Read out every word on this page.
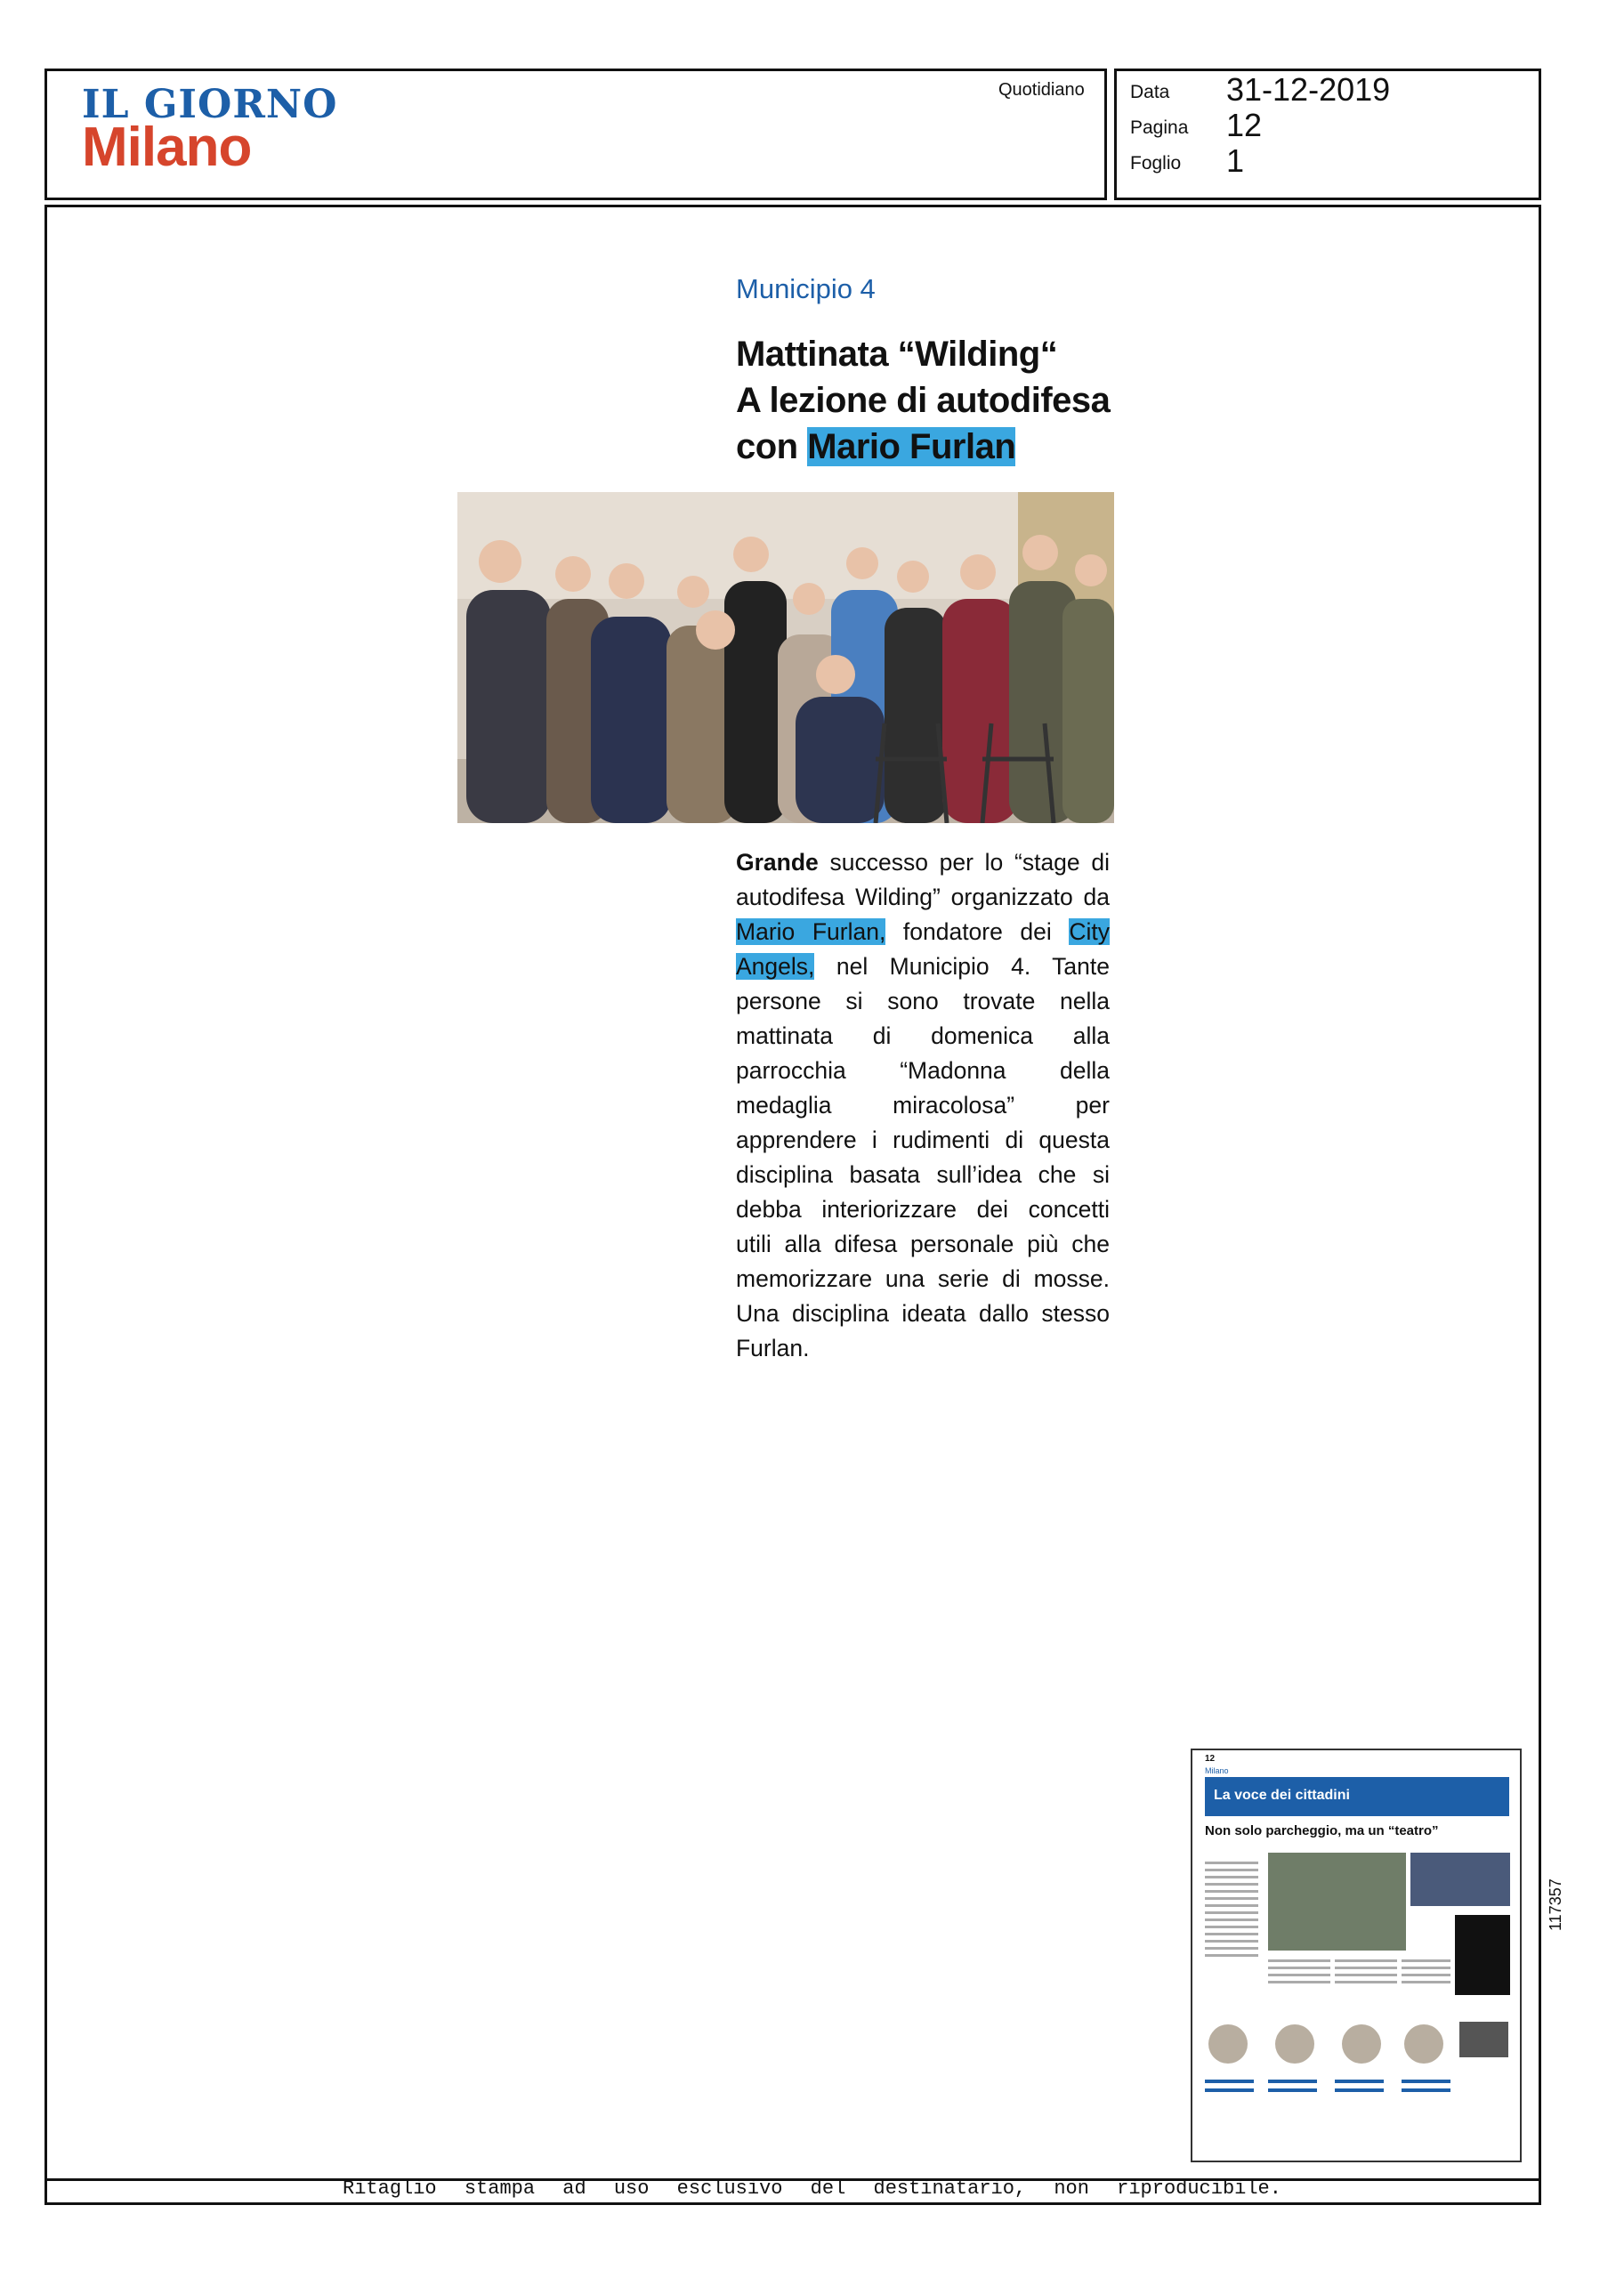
IL GIORNO
Milano
Quotidiano Data
Pagina
Foglio
31-12-2019
12
1
Municipio 4
Mattinata “Wilding“
A lezione di autodifesa
con Mario Furlan
Grande successo per lo “stage di autodifesa Wilding” organizzato da Mario Furlan, fondatore dei City Angels, nel Municipio 4. Tante persone si sono trovate nella mattinata di domenica alla parrocchia “Madonna della medaglia miracolosa” per apprendere i rudimenti di questa disciplina basata sull’idea che si debba interiorizzare dei concetti utili alla difesa personale più che memorizzare una serie di mosse. Una disciplina ideata dallo stesso Furlan.
12
Milano
La voce dei cittadini
Non solo parcheggio, ma un “teatro”
117357
Ritaglio stampa ad uso esclusivo del destinatario, non riproducibile.
